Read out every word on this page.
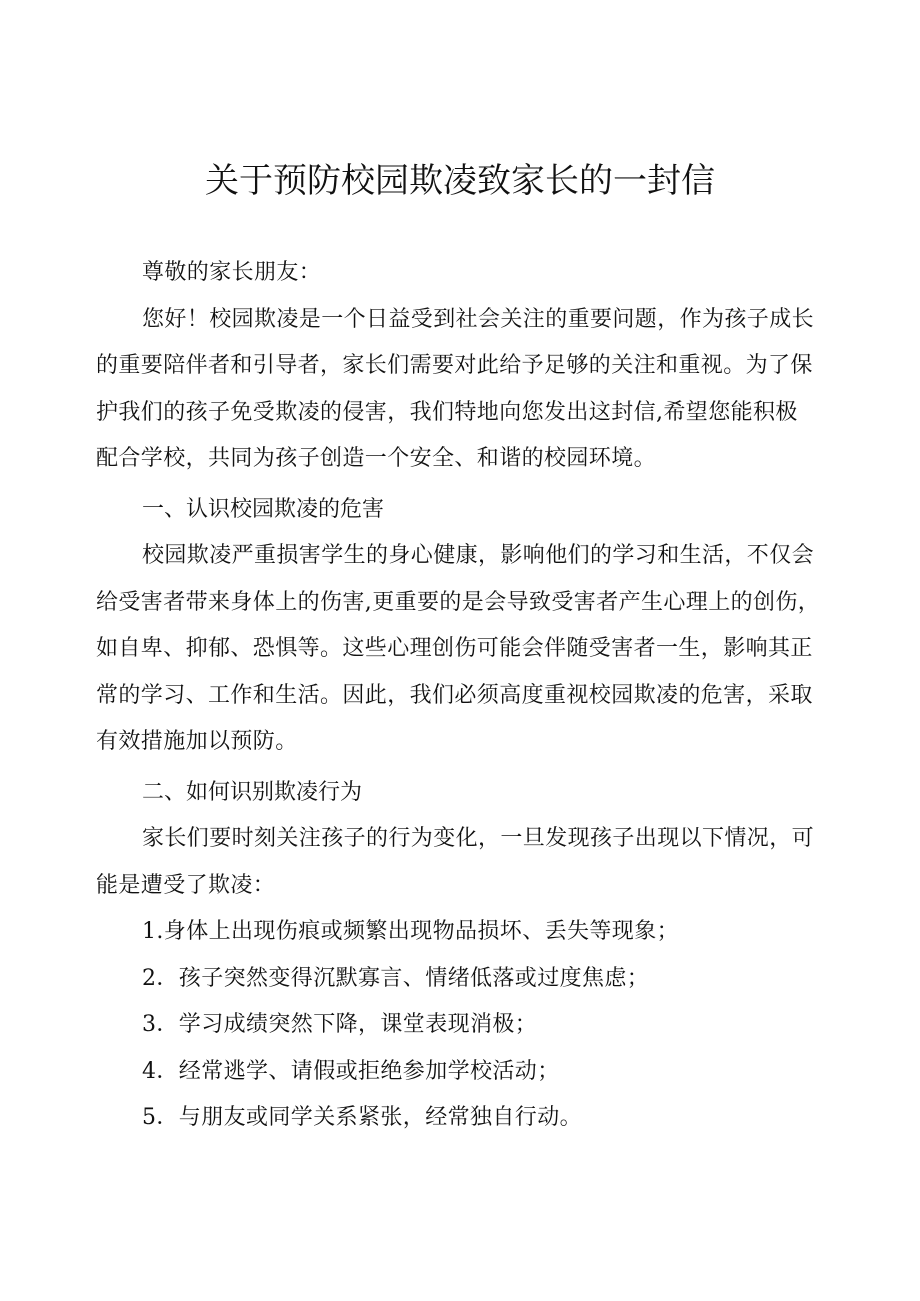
关于预防校园欺凌致家长的一封信

尊敬的家长朋友：

您好！校园欺凌是一个日益受到社会关注的重要问题，作为孩子成长

的重要陪伴者和引导者，家长们需要对此给予足够的关注和重视。为了保

护我们的孩子免受欺凌的侵害，我们特地向您发出这封信,希望您能积极

配合学校，共同为孩子创造一个安全、和谐的校园环境。

一、认识校园欺凌的危害

校园欺凌严重损害学生的身心健康，影响他们的学习和生活，不仅会

给受害者带来身体上的伤害,更重要的是会导致受害者产生心理上的创伤，

如自卑、抑郁、恐惧等。这些心理创伤可能会伴随受害者一生，影响其正

常的学习、工作和生活。因此，我们必须高度重视校园欺凌的危害，采取

有效措施加以预防。

二、如何识别欺凌行为

家长们要时刻关注孩子的行为变化，一旦发现孩子出现以下情况，可

能是遭受了欺凌：

1.身体上出现伤痕或频繁出现物品损坏、丢失等现象；

2．孩子突然变得沉默寡言、情绪低落或过度焦虑；

3．学习成绩突然下降，课堂表现消极；

4．经常逃学、请假或拒绝参加学校活动；

5．与朋友或同学关系紧张，经常独自行动。
